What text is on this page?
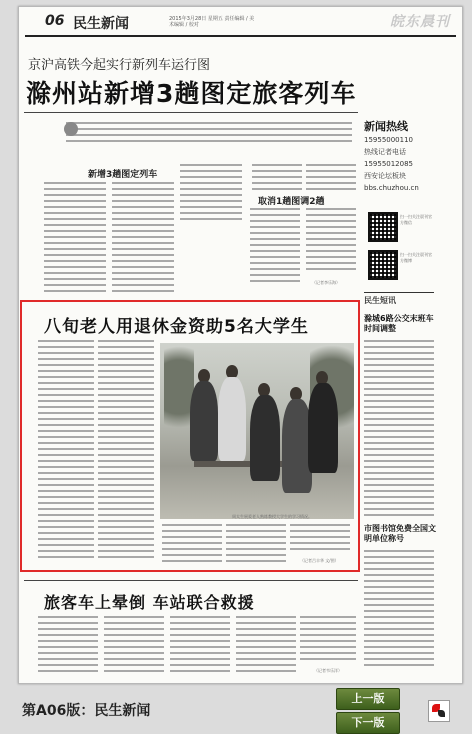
06 民生新闻	2015年3月28日 星期五 责任编辑 / 美术编辑 / 校对	皖东晨刊
京沪高铁今起实行新列车运行图
滁州站新增3趟图定旅客列车
新增3趟图定列车
取消1趟图调2趟
（记者李乐海）
新闻热线
15955000110
热线记者电话
15955012085
西安论坛板块
bbs.chuzhou.cn
扫一扫关注晨刊官方微信
扫一扫关注晨刊官方微博
民生短讯
滁城6路公交末班车时间调整
市图书馆免费全国文明单位称号
八旬老人用退休金资助5名大学生
（记者吕丰华 文/图）
周太生展爱老人熟练教授大学生的学习情况。
旅客车上晕倒 车站联合救援
（记者韦乐洋）
第A06版：民生新闻
上一版
下一版
